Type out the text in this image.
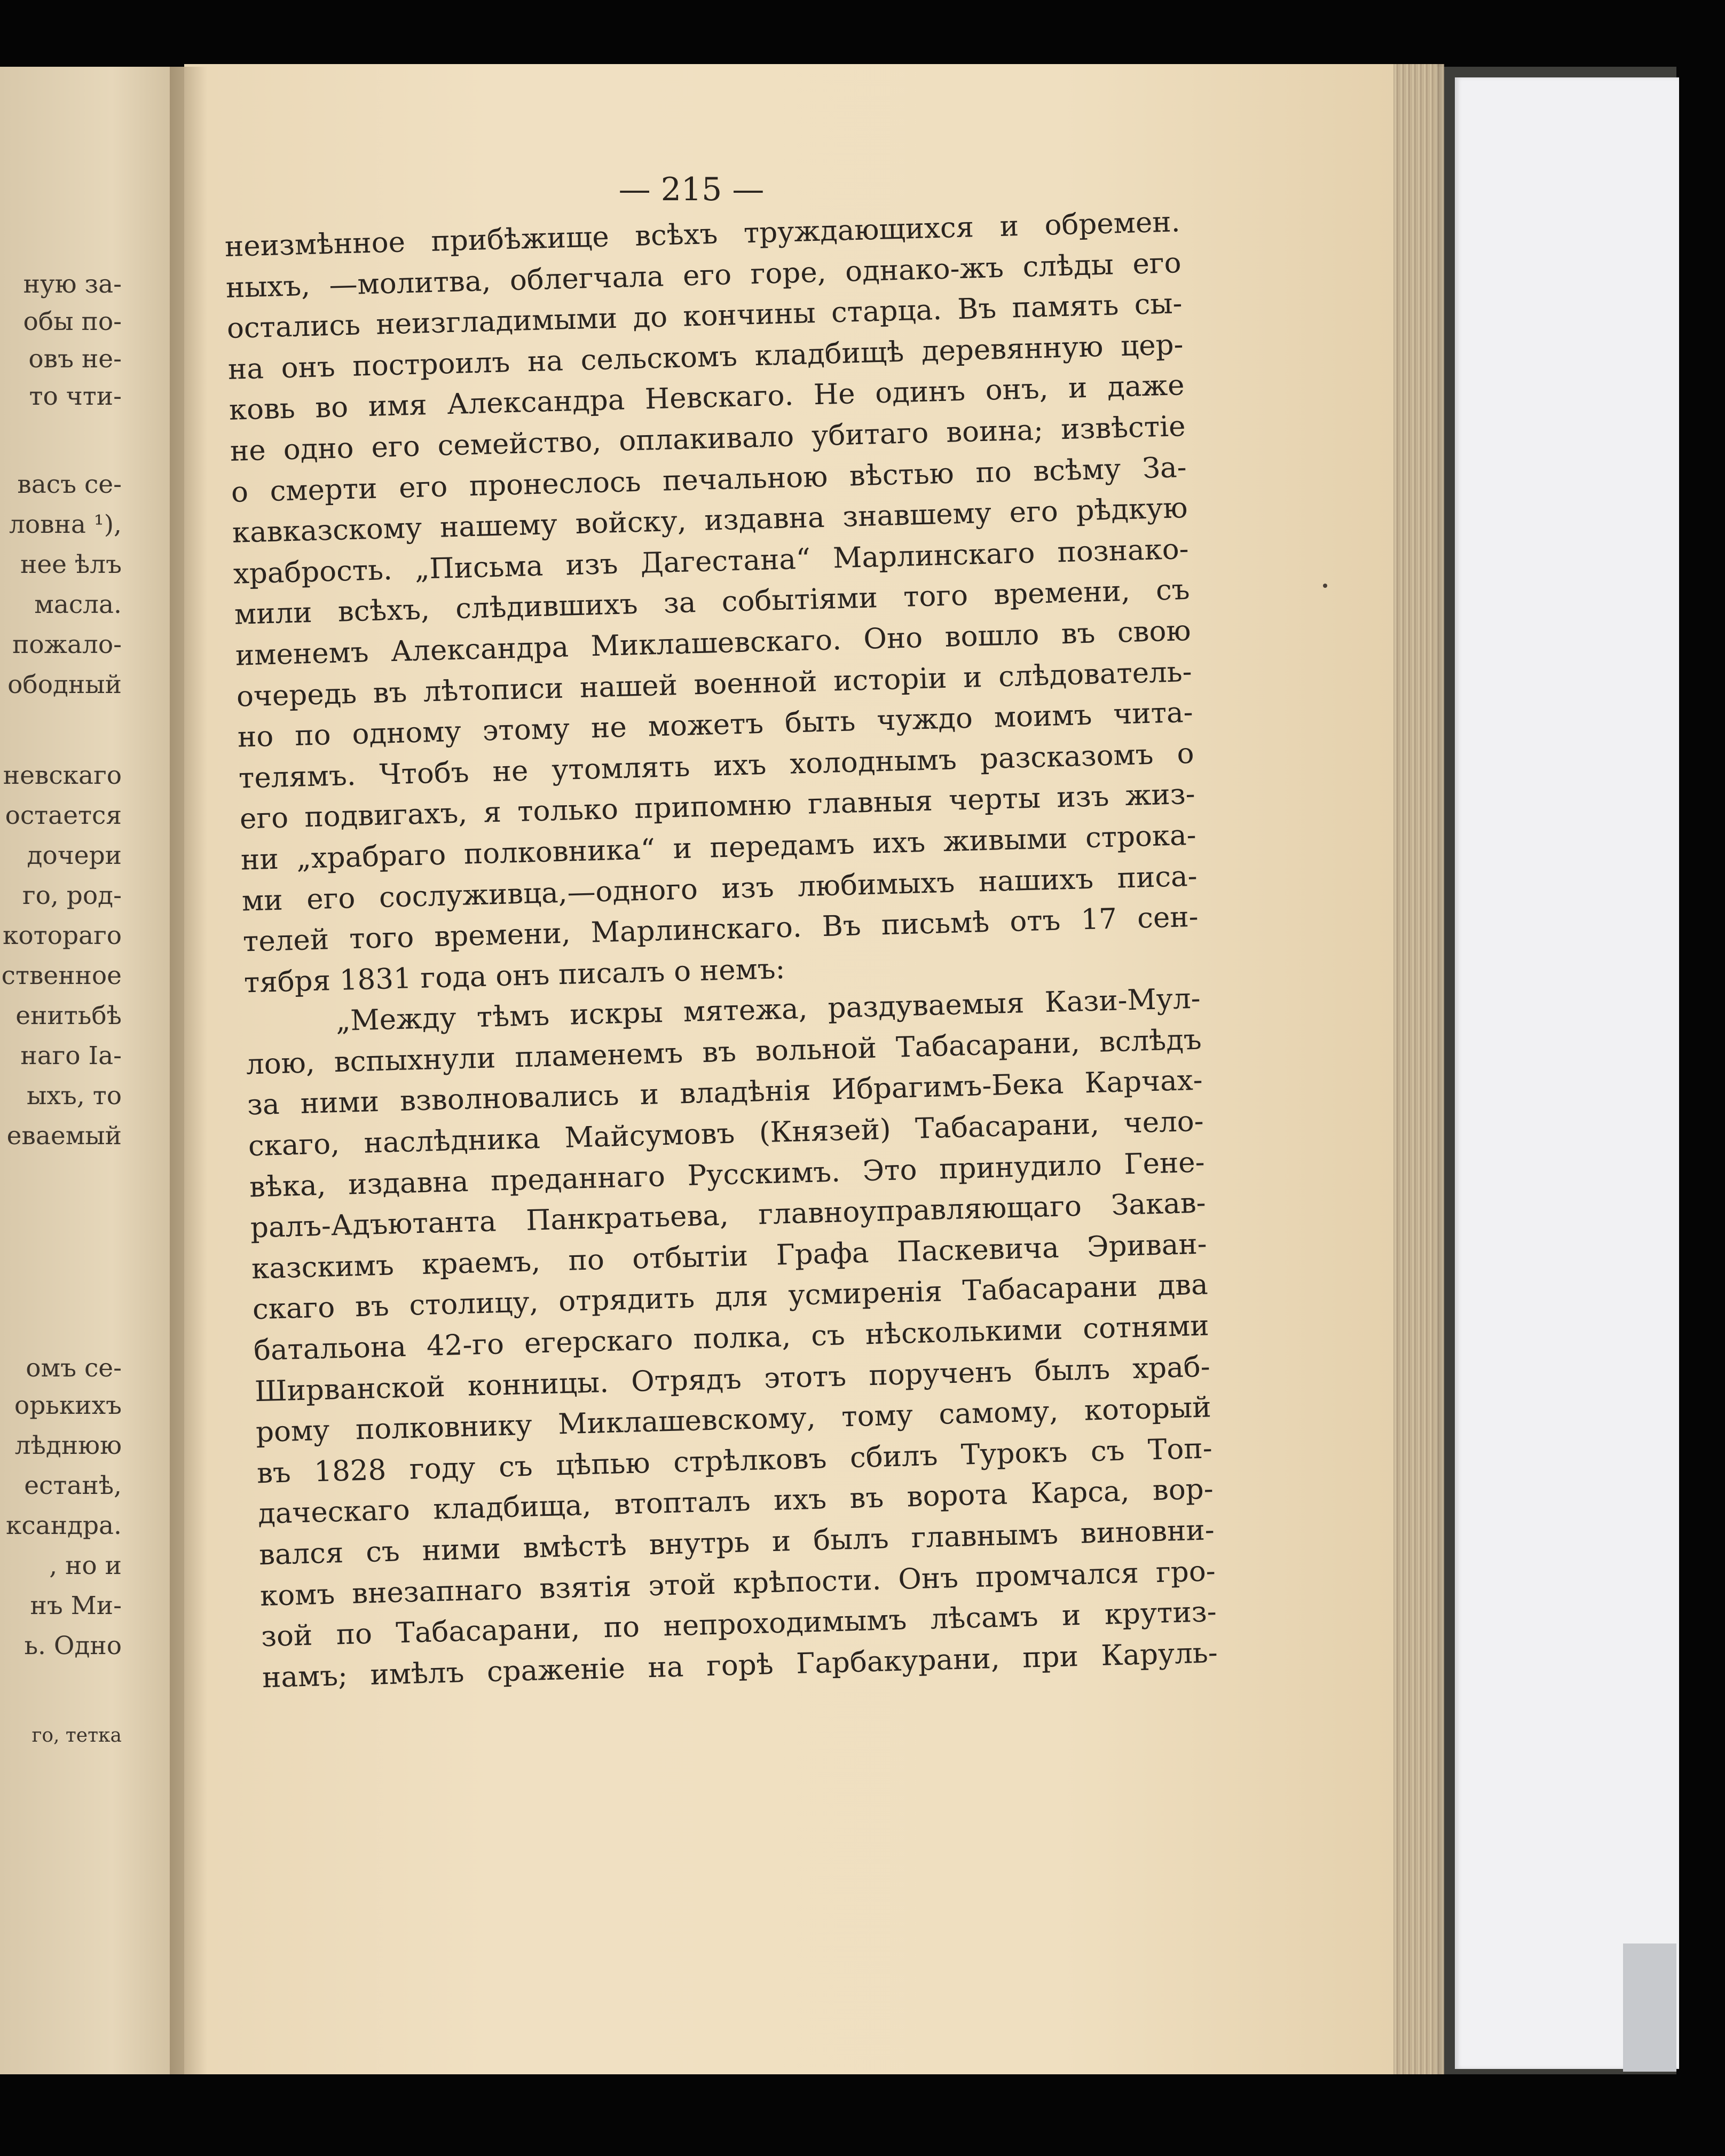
ную за-
обы по-
овъ не-
то чти-
васъ се-
ловна ¹),
нее ѣлъ
масла.
пожало-
ободный
невскаго
остается
дочери
го, род-
котораго
ственное
енитьбѣ
наго Іа-
ыхъ, то
еваемый
омъ се-
орькихъ
лѣднюю
естанѣ,
ксандра.
, но и
нъ Ми-
ь. Одно
го, тетка
— 215 —
неизмѣнное прибѣжище всѣхъ труждающихся и обремен.
ныхъ, —молитва, облегчала его горе, однако-жъ слѣды его
остались неизгладимыми до кончины старца. Въ память сы-
на онъ построилъ на сельскомъ кладбищѣ деревянную цер-
ковь во имя Александра Невскаго. Не одинъ онъ, и даже
не одно его семейство, оплакивало убитаго воина; извѣстіе
о смерти его пронеслось печальною вѣстью по всѣму За-
кавказскому нашему войску, издавна знавшему его рѣдкую
храбрость. „Письма изъ Дагестана“ Марлинскаго познако-
мили всѣхъ, слѣдившихъ за событіями того времени, съ
именемъ Александра Миклашевскаго. Оно вошло въ свою
очередь въ лѣтописи нашей военной исторіи и слѣдователь-
но по одному этому не можетъ быть чуждо моимъ чита-
телямъ. Чтобъ не утомлять ихъ холоднымъ разсказомъ о
его подвигахъ, я только припомню главныя черты изъ жиз-
ни „храбраго полковника“ и передамъ ихъ живыми строка-
ми его сослуживца,—одного изъ любимыхъ нашихъ писа-
телей того времени, Марлинскаго. Въ письмѣ отъ 17 сен-
тября 1831 года онъ писалъ о немъ:
„Между тѣмъ искры мятежа, раздуваемыя Кази-Мул-
лою, вспыхнули пламенемъ въ вольной Табасарани, вслѣдъ
за ними взволновались и владѣнія Ибрагимъ-Бека Карчах-
скаго, наслѣдника Майсумовъ (Князей) Табасарани, чело-
вѣка, издавна преданнаго Русскимъ. Это принудило Гене-
ралъ-Адъютанта Панкратьева, главноуправляющаго Закав-
казскимъ краемъ, по отбытіи Графа Паскевича Эриван-
скаго въ столицу, отрядить для усмиренія Табасарани два
батальона 42-го егерскаго полка, съ нѣсколькими сотнями
Ширванской конницы. Отрядъ этотъ порученъ былъ храб-
рому полковнику Миклашевскому, тому самому, который
въ 1828 году съ цѣпью стрѣлковъ сбилъ Турокъ съ Топ-
даческаго кладбища, втопталъ ихъ въ ворота Карса, вор-
вался съ ними вмѣстѣ внутрь и былъ главнымъ виновни-
комъ внезапнаго взятія этой крѣпости. Онъ промчался гро-
зой по Табасарани, по непроходимымъ лѣсамъ и крутиз-
намъ; имѣлъ сраженіе на горѣ Гарбакурани, при Каруль-
